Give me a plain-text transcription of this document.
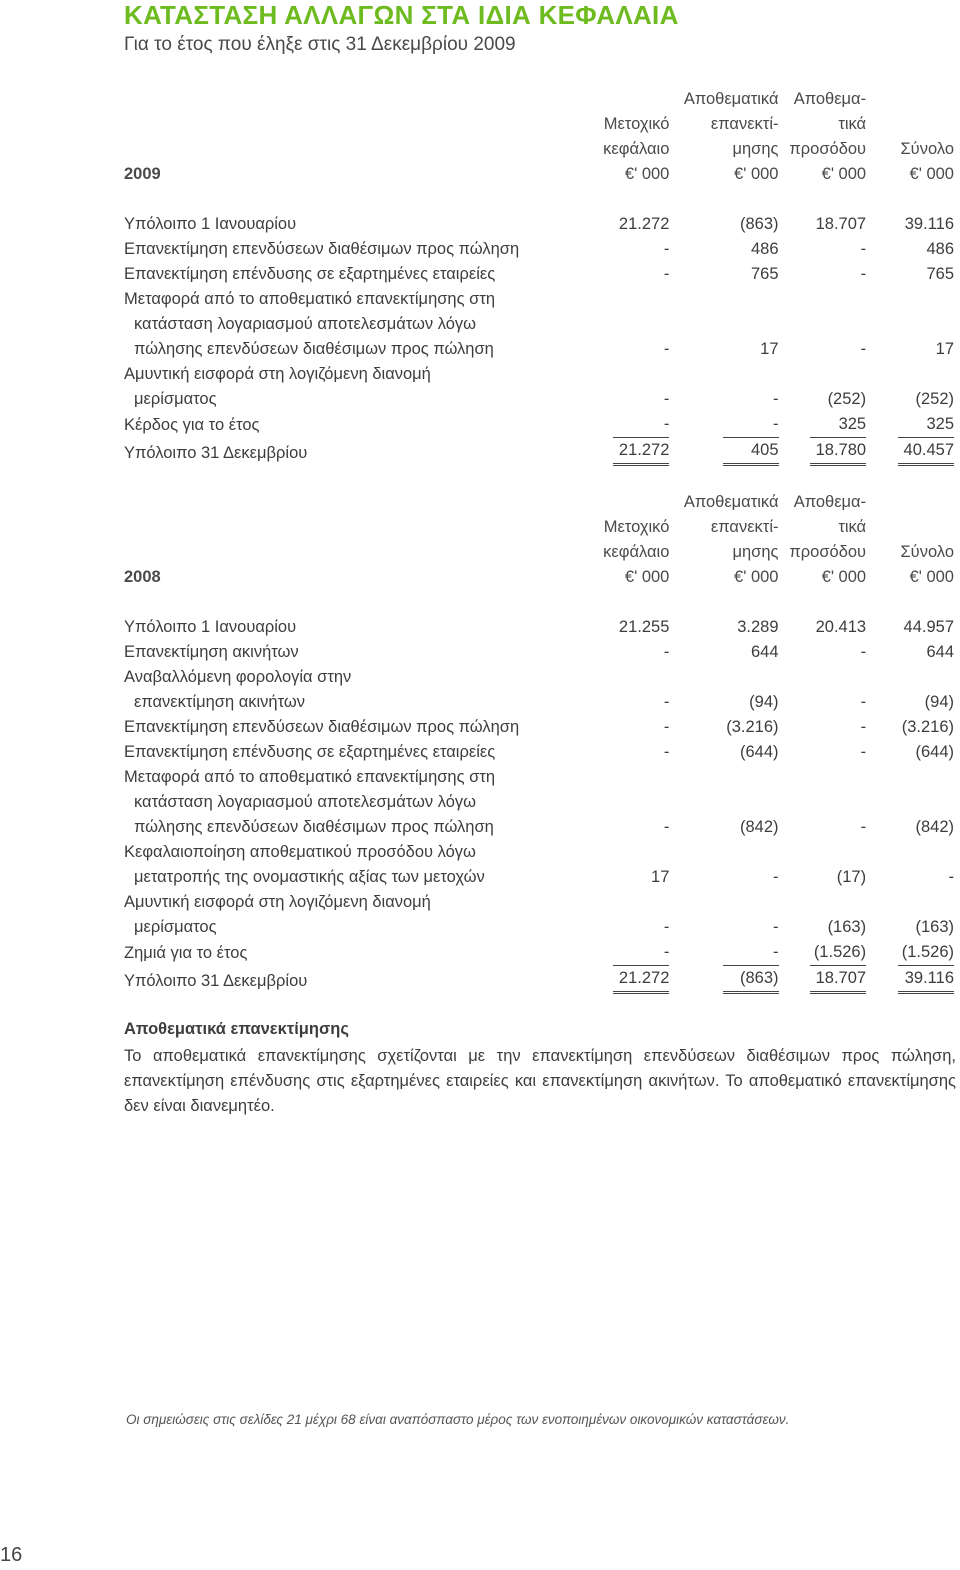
ΚΑΤΑΣΤΑΣΗ ΑΛΛΑΓΩΝ ΣΤΑ ΙΔΙΑ ΚΕΦΑΛΑΙΑ
Για το έτος που έληξε στις 31 Δεκεμβρίου 2009
		Αποθεματικά	Αποθεμα-	
	Μετοχικό	επανεκτί-	τικά	
	κεφάλαιο	μησης	προσόδου	Σύνολο
2009	€' 000	€' 000	€' 000	€' 000

Υπόλοιπο 1 Ιανουαρίου	21.272	(863)	18.707	39.116
Επανεκτίμηση επενδύσεων διαθέσιμων προς πώληση	-	486	-	486
Επανεκτίμηση επένδυσης σε εξαρτημένες εταιρείες	-	765	-	765
Μεταφορά από το αποθεματικό επανεκτίμησης στη				
κατάσταση λογαριασμού αποτελεσμάτων λόγω				
πώλησης επενδύσεων διαθέσιμων προς πώληση	-	17	-	17
Αμυντική εισφορά στη λογιζόμενη διανομή				
μερίσματος	-	-	(252)	(252)
Κέρδος για το έτος	-	-	325	325
Υπόλοιπο 31 Δεκεμβρίου	21.272	405	18.780	40.457
		Αποθεματικά	Αποθεμα-	
	Μετοχικό	επανεκτί-	τικά	
	κεφάλαιο	μησης	προσόδου	Σύνολο
2008	€' 000	€' 000	€' 000	€' 000

Υπόλοιπο 1 Ιανουαρίου	21.255	3.289	20.413	44.957
Επανεκτίμηση ακινήτων	-	644	-	644
Αναβαλλόμενη φορολογία στην				
επανεκτίμηση ακινήτων	-	(94)	-	(94)
Επανεκτίμηση επενδύσεων διαθέσιμων προς πώληση	-	(3.216)	-	(3.216)
Επανεκτίμηση επένδυσης σε εξαρτημένες εταιρείες	-	(644)	-	(644)
Μεταφορά από το αποθεματικό επανεκτίμησης στη				
κατάσταση λογαριασμού αποτελεσμάτων λόγω				
πώλησης επενδύσεων διαθέσιμων προς πώληση	-	(842)	-	(842)
Κεφαλαιοποίηση αποθεματικού προσόδου λόγω				
μετατροπής της ονομαστικής αξίας των μετοχών	17	-	(17)	-
Αμυντική εισφορά στη λογιζόμενη διανομή				
μερίσματος	-	-	(163)	(163)
Ζημιά για το έτος	-	-	(1.526)	(1.526)
Υπόλοιπο 31 Δεκεμβρίου	21.272	(863)	18.707	39.116
Αποθεματικά επανεκτίμησης
Το αποθεματικά επανεκτίμησης σχετίζονται με την επανεκτίμηση επενδύσεων διαθέσιμων προς πώληση, επανεκτίμηση επένδυσης στις εξαρτημένες εταιρείες και επανεκτίμηση ακινήτων. Το αποθεματικό επανεκτίμησης δεν είναι διανεμητέο.
Οι σημειώσεις στις σελίδες 21 μέχρι 68 είναι αναπόσπαστο μέρος των ενοποιημένων οικονομικών καταστάσεων.
16
